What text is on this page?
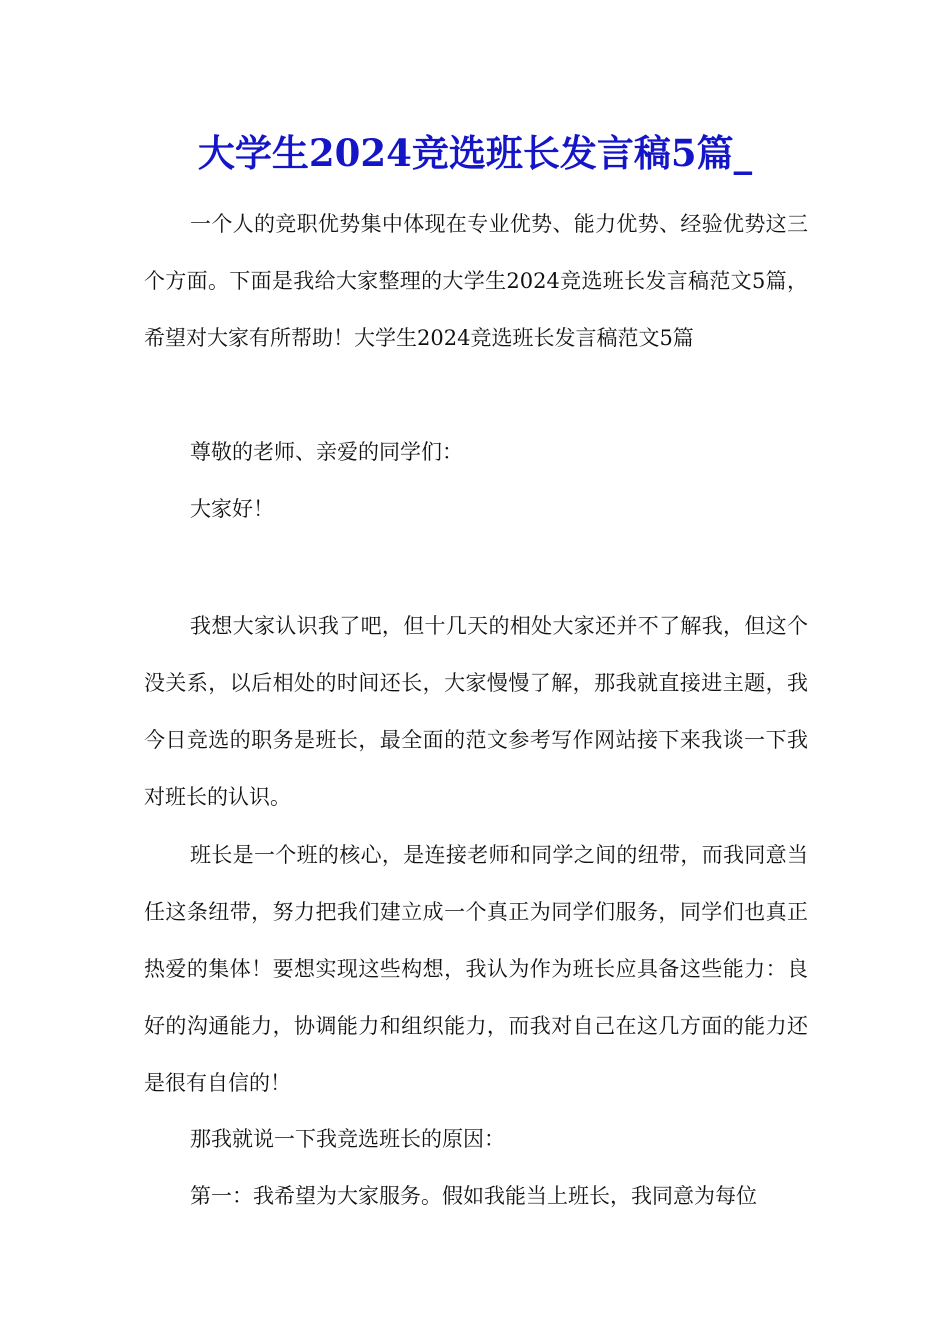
大学生2024竞选班长发言稿5篇_

一个人的竞职优势集中体现在专业优势、能力优势、经验优势这三个方面。下面是我给大家整理的大学生2024竞选班长发言稿范文5篇，希望对大家有所帮助！大学生2024竞选班长发言稿范文5篇

尊敬的老师、亲爱的同学们：

大家好！

我想大家认识我了吧，但十几天的相处大家还并不了解我，但这个没关系，以后相处的时间还长，大家慢慢了解，那我就直接进主题，我今日竞选的职务是班长，最全面的范文参考写作网站接下来我谈一下我对班长的认识。

班长是一个班的核心，是连接老师和同学之间的纽带，而我同意当任这条纽带，努力把我们建立成一个真正为同学们服务，同学们也真正热爱的集体！要想实现这些构想，我认为作为班长应具备这些能力：良好的沟通能力，协调能力和组织能力，而我对自己在这几方面的能力还是很有自信的！

那我就说一下我竞选班长的原因：

第一：我希望为大家服务。假如我能当上班长，我同意为每位
